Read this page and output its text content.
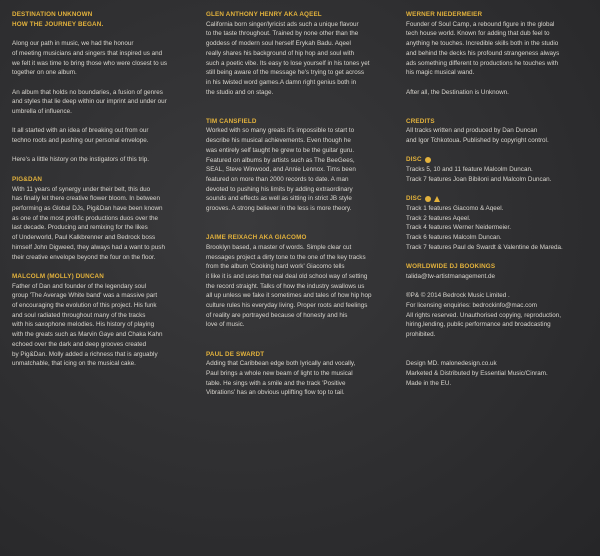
DESTINATION UNKNOWN
HOW THE JOURNEY BEGAN.

Along our path in music, we had the honour
of meeting musicians and singers that inspired us and
we felt it was time to bring those who were closest to us
together on one album.

An album that holds no boundaries, a fusion of genres
and styles that lie deep within our imprint and under our
umbrella of influence.

It all started with an idea of breaking out from our
techno roots and pushing our personal envelope.

Here's a little history on the instigators of this trip.

PIG&DAN

With 11 years of synergy under their belt, this duo
has finally let there creative flower bloom. In between
performing as Global DJs, Pig&Dan have been known
as one of the most prolific productions duos over the
last decade. Producing and remixing for the likes
of Underworld, Paul Kalkbrenner and Bedrock boss
himself John Digweed, they always had a want to push
their creative envelope beyond the four on the floor.

MALCOLM (MOLLY) DUNCAN

Father of Dan and founder of the legendary soul
group 'The Average White band' was a massive part
of encouraging the evolution of this project. His funk
and soul radiated throughout many of the tracks
with his saxophone melodies. His history of playing
with the greats such as Marvin Gaye and Chaka Kahn
echoed over the dark and deep grooves created
by Pig&Dan. Molly added a richness that is arguably
unmatchable, that icing on the musical cake.

GLEN ANTHONY HENRY AKA AQEEL

California born singer/lyricist ads such a unique flavour
to the taste throughout. Trained by none other than the
goddess of modern soul herself Erykah Badu. Aqeel
really shares his background of hip hop and soul with
such a poetic vibe. Its easy to lose yourself in his tones yet
still being aware of the message he's trying to get across
in his twisted word games.A damn right genius both in
the studio and on stage.

TIM CANSFIELD

Worked with so many greats it's impossible to start to
describe his musical achievements. Even though he
was entirely self taught he grew to be the guitar guru.
Featured on albums by artists such as The BeeGees,
SEAL, Steve Winwood, and Annie Lennox. Tims been
featured on more than 2000 records to date. A man
devoted to pushing his limits by adding extraordinary
sounds and effects as well as sitting in strict JB style
grooves. A strong believer in the less is more theory.

JAIME REIXACH AKA GIACOMO

Brooklyn based, a master of words. Simple clear cut
messages project a dirty tone to the one of the key tracks
from the album 'Cooking hard work' Giacomo tells
it like it is and uses that real deal old school way of setting
the record straight. Talks of how the industry swallows us
all up unless we fake it sometimes and tales of how hip hop
culture rules his everyday living. Proper roots and feelings
of reality are portrayed because of honesty and his
love of music.

PAUL DE SWARDT

Adding that Caribbean edge both lyrically and vocally,
Paul brings a whole new beam of light to the musical
table. He sings with a smile and the track 'Positive
Vibrations' has an obvious uplifting flow top to tail.

WERNER NIEDERMEIER

Founder of Soul Camp, a rebound figure in the global
tech house world. Known for adding that dub feel to
anything he touches. Incredible skills both in the studio
and behind the decks his profound strangeness always
ads something different to productions he touches with
his magic musical wand.

After all, the Destination is Unknown.

CREDITS

All tracks written and produced by Dan Duncan
and Igor Tchkotoua. Published by copyright control.

DISC

Tracks 5, 10 and 11 feature Malcolm Duncan.

Track 7 features Joan Bibiloni and Malcolm Duncan.

DISC

Track 1 features Giacomo & Aqeel.

Track 2 features Aqeel.

Track 4 features Werner Neidermeier.

Track 6 features Malcolm Duncan.

Track 7 features Paul de Swardt & Valentine de Mareda.

WORLDWIDE DJ BOOKINGS

talida@tw-artistmanagement.de

®P& © 2014 Bedrock Music Limited .
For licensing enquiries: bedrockinfo@mac.com
All rights reserved. Unauthorised copying, reproduction,
hiring,lending, public performance and broadcasting
prohibited.

Design MD. malonedesign.co.uk
Marketed & Distributed by Essential Music/Cinram.
Made in the EU.
